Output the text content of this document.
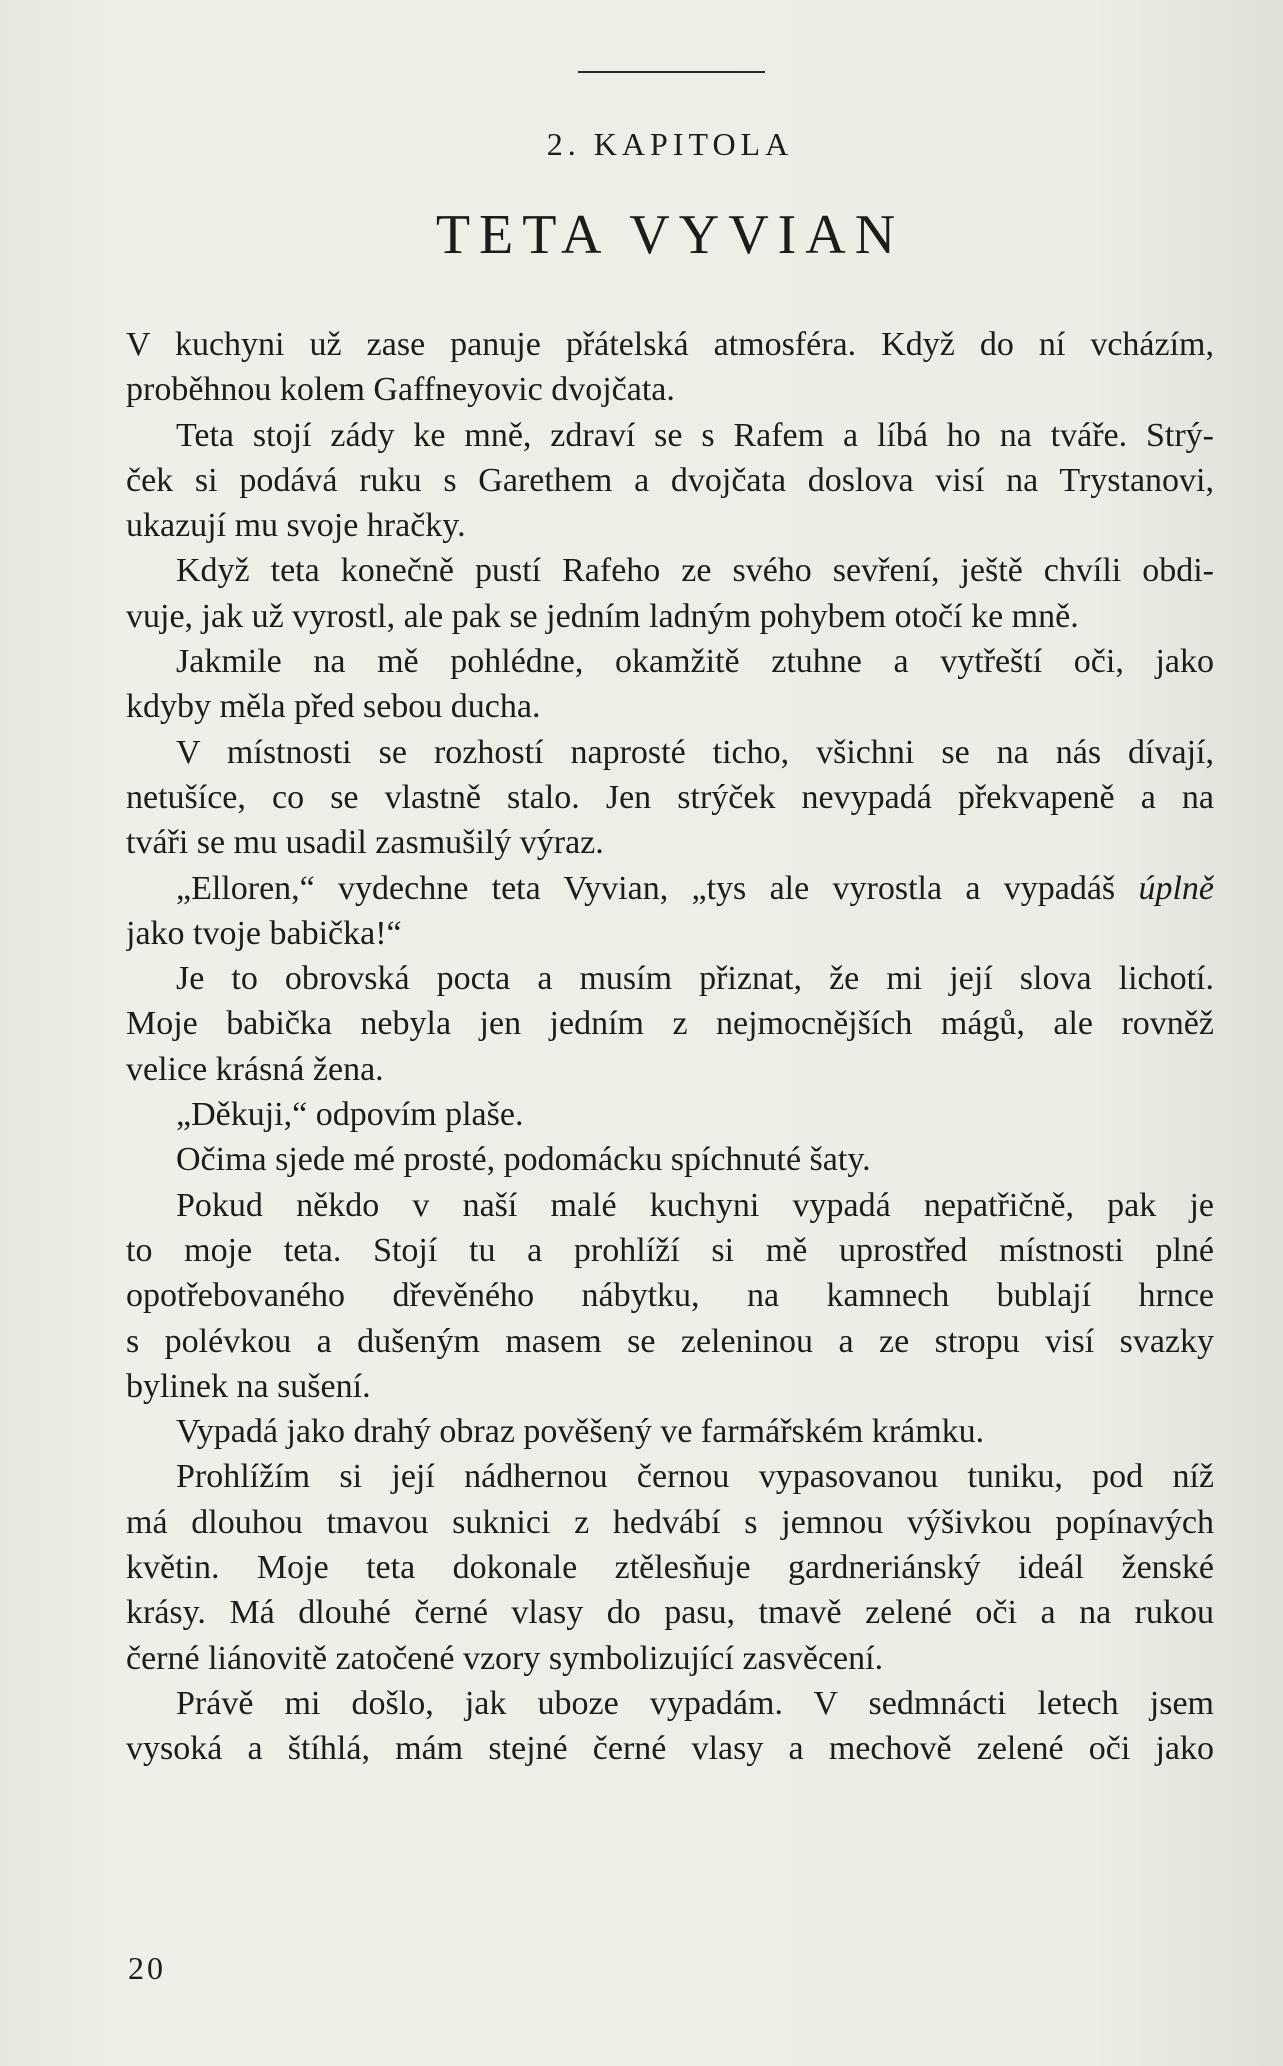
2. KAPITOLA
TETA VYVIAN
V kuchyni už zase panuje přátelská atmosféra. Když do ní vcházím,
proběhnou kolem Gaffneyovic dvojčata.
Teta stojí zády ke mně, zdraví se s Rafem a líbá ho na tváře. Strý-
ček si podává ruku s Garethem a dvojčata doslova visí na Trystanovi,
ukazují mu svoje hračky.
Když teta konečně pustí Rafeho ze svého sevření, ještě chvíli obdi-
vuje, jak už vyrostl, ale pak se jedním ladným pohybem otočí ke mně.
Jakmile na mě pohlédne, okamžitě ztuhne a vytřeští oči, jako
kdyby měla před sebou ducha.
V místnosti se rozhostí naprosté ticho, všichni se na nás dívají,
netušíce, co se vlastně stalo. Jen strýček nevypadá překvapeně a na
tváři se mu usadil zasmušilý výraz.
„Elloren,“ vydechne teta Vyvian, „tys ale vyrostla a vypadáš úplně
jako tvoje babička!“
Je to obrovská pocta a musím přiznat, že mi její slova lichotí.
Moje babička nebyla jen jedním z nejmocnějších mágů, ale rovněž
velice krásná žena.
„Děkuji,“ odpovím plaše.
Očima sjede mé prosté, podomácku spíchnuté šaty.
Pokud někdo v naší malé kuchyni vypadá nepatřičně, pak je
to moje teta. Stojí tu a prohlíží si mě uprostřed místnosti plné
opotřebovaného dřevěného nábytku, na kamnech bublají hrnce
s polévkou a dušeným masem se zeleninou a ze stropu visí svazky
bylinek na sušení.
Vypadá jako drahý obraz pověšený ve farmářském krámku.
Prohlížím si její nádhernou černou vypasovanou tuniku, pod níž
má dlouhou tmavou suknici z hedvábí s jemnou výšivkou popínavých
květin. Moje teta dokonale ztělesňuje gardneriánský ideál ženské
krásy. Má dlouhé černé vlasy do pasu, tmavě zelené oči a na rukou
černé liánovitě zatočené vzory symbolizující zasvěcení.
Právě mi došlo, jak uboze vypadám. V sedmnácti letech jsem
vysoká a štíhlá, mám stejné černé vlasy a mechově zelené oči jako
20
